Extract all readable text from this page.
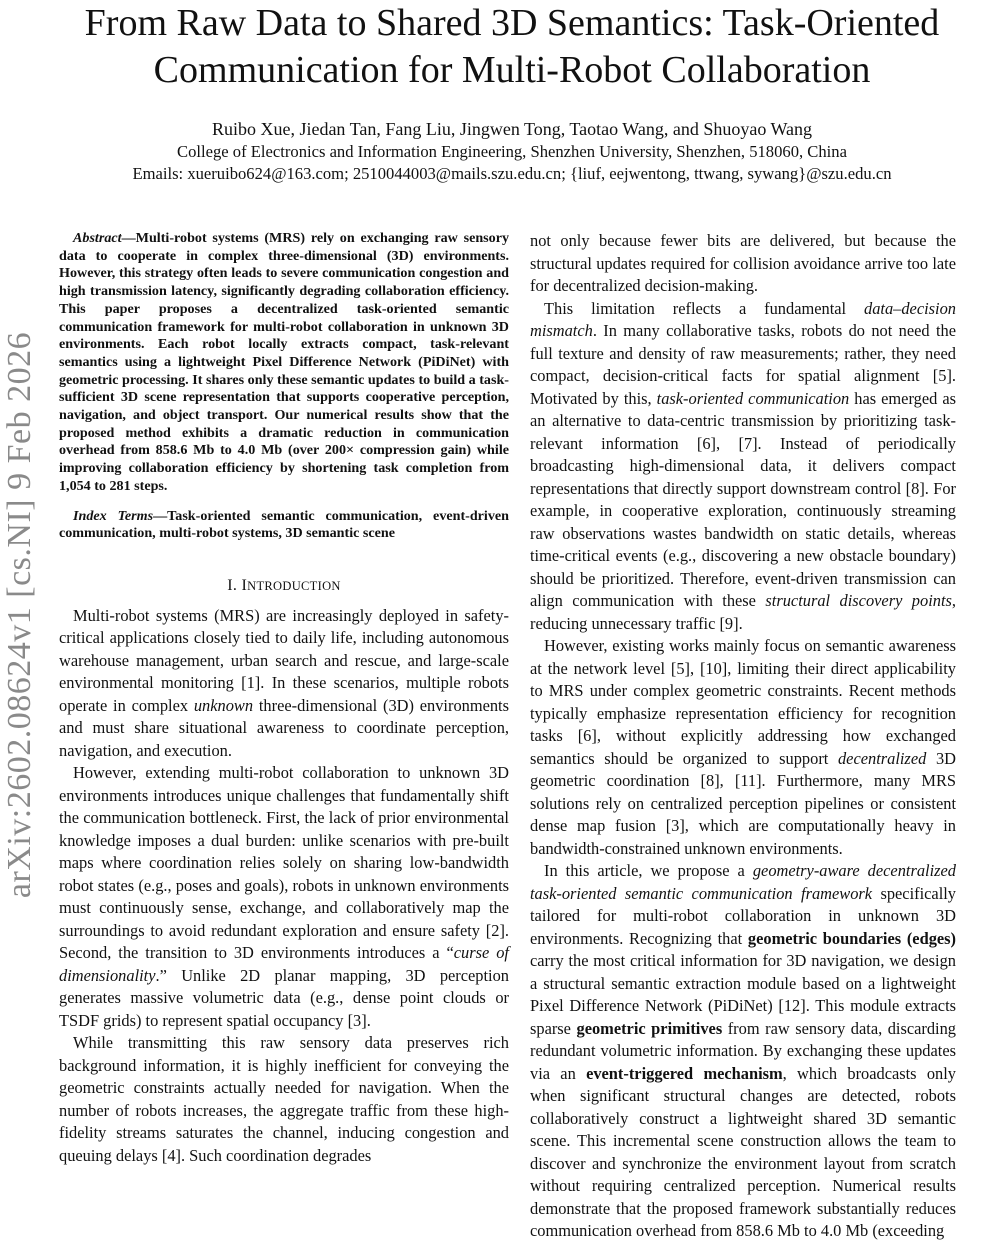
arXiv:2602.08624v1 [cs.NI] 9 Feb 2026
From Raw Data to Shared 3D Semantics: Task-Oriented
Communication for Multi-Robot Collaboration
Ruibo Xue, Jiedan Tan, Fang Liu, Jingwen Tong, Taotao Wang, and Shuoyao Wang
College of Electronics and Information Engineering, Shenzhen University, Shenzhen, 518060, China
Emails: xueruibo624@163.com; 2510044003@mails.szu.edu.cn; {liuf, eejwentong, ttwang, sywang}@szu.edu.cn

Abstract—Multi-robot systems (MRS) rely on exchanging raw sensory data to cooperate in complex three-dimensional (3D) environments. However, this strategy often leads to severe communication congestion and high transmission latency, significantly degrading collaboration efficiency. This paper proposes a decentralized task-oriented semantic communication framework for multi-robot collaboration in unknown 3D environments. Each robot locally extracts compact, task-relevant semantics using a lightweight Pixel Difference Network (PiDiNet) with geometric processing. It shares only these semantic updates to build a task-sufficient 3D scene representation that supports cooperative perception, navigation, and object transport. Our numerical results show that the proposed method exhibits a dramatic reduction in communication overhead from 858.6 Mb to 4.0 Mb (over 200× compression gain) while improving collaboration efficiency by shortening task completion from 1,054 to 281 steps.

Index Terms—Task-oriented semantic communication, event-driven communication, multi-robot systems, 3D semantic scene

I. INTRODUCTION

Multi-robot systems (MRS) are increasingly deployed in safety-critical applications closely tied to daily life, including autonomous warehouse management, urban search and rescue, and large-scale environmental monitoring [1]. In these scenarios, multiple robots operate in complex unknown three-dimensional (3D) environments and must share situational awareness to coordinate perception, navigation, and execution.

However, extending multi-robot collaboration to unknown 3D environments introduces unique challenges that fundamentally shift the communication bottleneck. First, the lack of prior environmental knowledge imposes a dual burden: unlike scenarios with pre-built maps where coordination relies solely on sharing low-bandwidth robot states (e.g., poses and goals), robots in unknown environments must continuously sense, exchange, and collaboratively map the surroundings to avoid redundant exploration and ensure safety [2]. Second, the transition to 3D environments introduces a “curse of dimensionality.” Unlike 2D planar mapping, 3D perception generates massive volumetric data (e.g., dense point clouds or TSDF grids) to represent spatial occupancy [3].

While transmitting this raw sensory data preserves rich background information, it is highly inefficient for conveying the geometric constraints actually needed for navigation. When the number of robots increases, the aggregate traffic from these high-fidelity streams saturates the channel, inducing congestion and queuing delays [4]. Such coordination degrades

not only because fewer bits are delivered, but because the structural updates required for collision avoidance arrive too late for decentralized decision-making.

This limitation reflects a fundamental data–decision mismatch. In many collaborative tasks, robots do not need the full texture and density of raw measurements; rather, they need compact, decision-critical facts for spatial alignment [5]. Motivated by this, task-oriented communication has emerged as an alternative to data-centric transmission by prioritizing task-relevant information [6], [7]. Instead of periodically broadcasting high-dimensional data, it delivers compact representations that directly support downstream control [8]. For example, in cooperative exploration, continuously streaming raw observations wastes bandwidth on static details, whereas time-critical events (e.g., discovering a new obstacle boundary) should be prioritized. Therefore, event-driven transmission can align communication with these structural discovery points, reducing unnecessary traffic [9].

However, existing works mainly focus on semantic awareness at the network level [5], [10], limiting their direct applicability to MRS under complex geometric constraints. Recent methods typically emphasize representation efficiency for recognition tasks [6], without explicitly addressing how exchanged semantics should be organized to support decentralized 3D geometric coordination [8], [11]. Furthermore, many MRS solutions rely on centralized perception pipelines or consistent dense map fusion [3], which are computationally heavy in bandwidth-constrained unknown environments.

In this article, we propose a geometry-aware decentralized task-oriented semantic communication framework specifically tailored for multi-robot collaboration in unknown 3D environments. Recognizing that geometric boundaries (edges) carry the most critical information for 3D navigation, we design a structural semantic extraction module based on a lightweight Pixel Difference Network (PiDiNet) [12]. This module extracts sparse geometric primitives from raw sensory data, discarding redundant volumetric information. By exchanging these updates via an event-triggered mechanism, which broadcasts only when significant structural changes are detected, robots collaboratively construct a lightweight shared 3D semantic scene. This incremental scene construction allows the team to discover and synchronize the environment layout from scratch without requiring centralized perception. Numerical results demonstrate that the proposed framework substantially reduces communication overhead from 858.6 Mb to 4.0 Mb (exceeding
